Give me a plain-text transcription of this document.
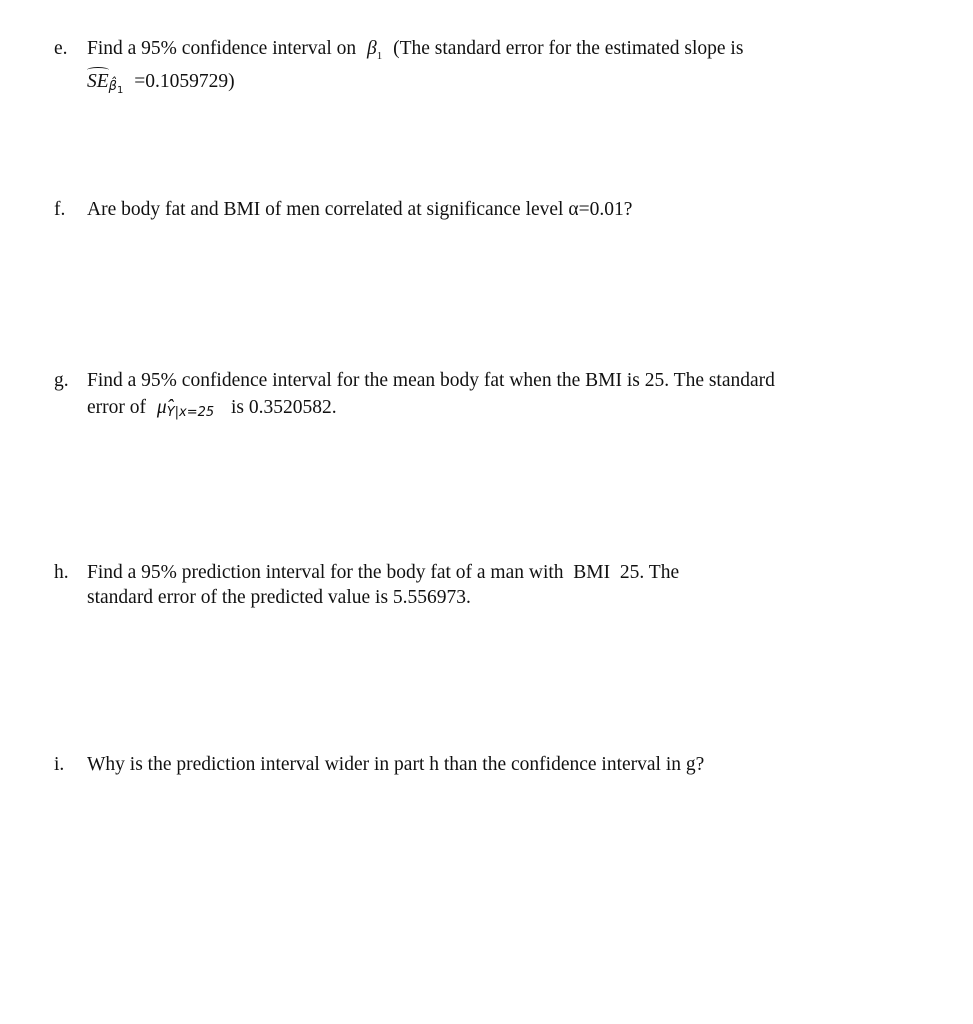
e. Find a 95% confidence interval on $\beta_1$ (The standard error for the estimated slope is
$SE\betâ_1 =0.1059729$)
f. Are body fat and BMI of men correlated at significance level α=0.01?
g. Find a 95% confidence interval for the mean body fat when the BMI is 25. The standard
error of μ̂Y|x=25 is 0.3520582.
h. Find a 95% prediction interval for the body fat of a man with  BMI  25. The
standard error of the predicted value is 5.556973.
i. Why is the prediction interval wider in part h than the confidence interval in g?
